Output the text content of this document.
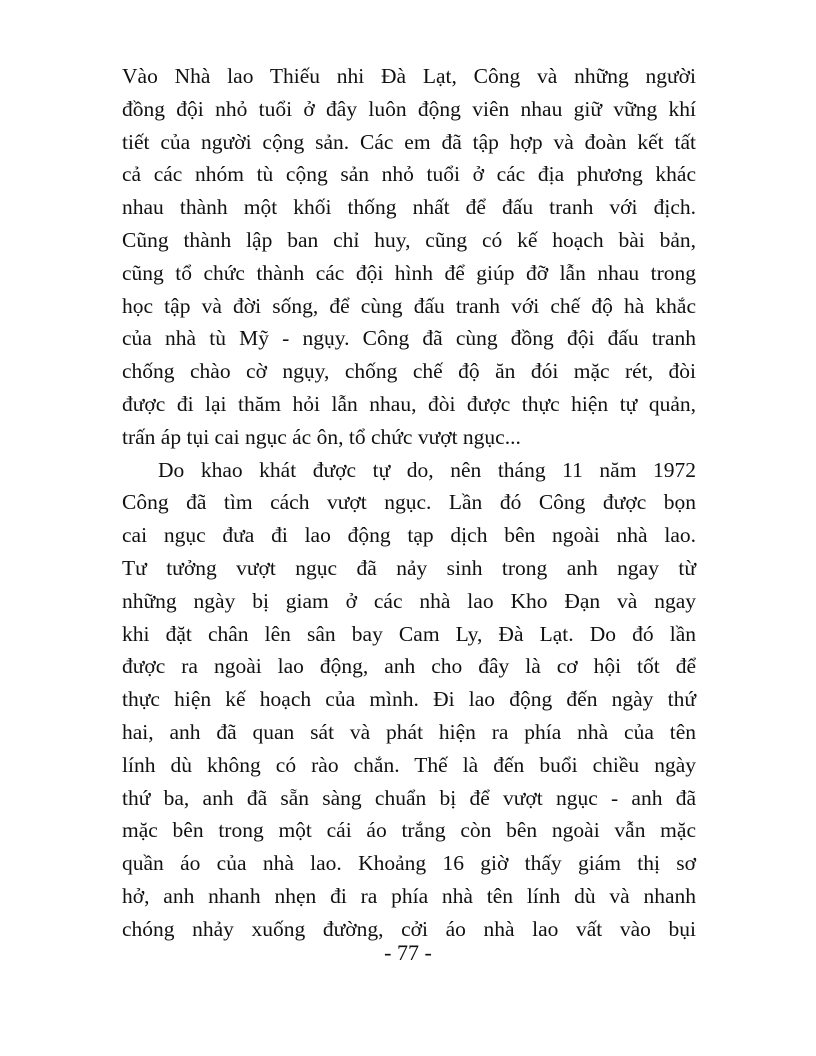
Vào Nhà lao Thiếu nhi Đà Lạt, Công và những người
đồng đội nhỏ tuổi ở đây luôn động viên nhau giữ vững khí
tiết của người cộng sản. Các em đã tập hợp và đoàn kết tất
cả các nhóm tù cộng sản nhỏ tuổi ở các địa phương khác
nhau thành một khối thống nhất để đấu tranh với địch.
Cũng thành lập ban chỉ huy, cũng có kế hoạch bài bản,
cũng tổ chức thành các đội hình để giúp đỡ lẫn nhau trong
học tập và đời sống, để cùng đấu tranh với chế độ hà khắc
của nhà tù Mỹ - ngụy. Công đã cùng đồng đội đấu tranh
chống chào cờ ngụy, chống chế độ ăn đói mặc rét, đòi
được đi lại thăm hỏi lẫn nhau, đòi được thực hiện tự quản,
trấn áp tụi cai ngục ác ôn, tổ chức vượt ngục...
Do khao khát được tự do, nên tháng 11 năm 1972
Công đã tìm cách vượt ngục. Lần đó Công được bọn
cai ngục đưa đi lao động tạp dịch bên ngoài nhà lao.
Tư tưởng vượt ngục đã nảy sinh trong anh ngay từ
những ngày bị giam ở các nhà lao Kho Đạn và ngay
khi đặt chân lên sân bay Cam Ly, Đà Lạt. Do đó lần
được ra ngoài lao động, anh cho đây là cơ hội tốt để
thực hiện kế hoạch của mình. Đi lao động đến ngày thứ
hai, anh đã quan sát và phát hiện ra phía nhà của tên
lính dù không có rào chắn. Thế là đến buổi chiều ngày
thứ ba, anh đã sẵn sàng chuẩn bị để vượt ngục - anh đã
mặc bên trong một cái áo trắng còn bên ngoài vẫn mặc
quần áo của nhà lao. Khoảng 16 giờ thấy giám thị sơ
hở, anh nhanh nhẹn đi ra phía nhà tên lính dù và nhanh
chóng nhảy xuống đường, cởi áo nhà lao vất vào bụi
- 77 -
